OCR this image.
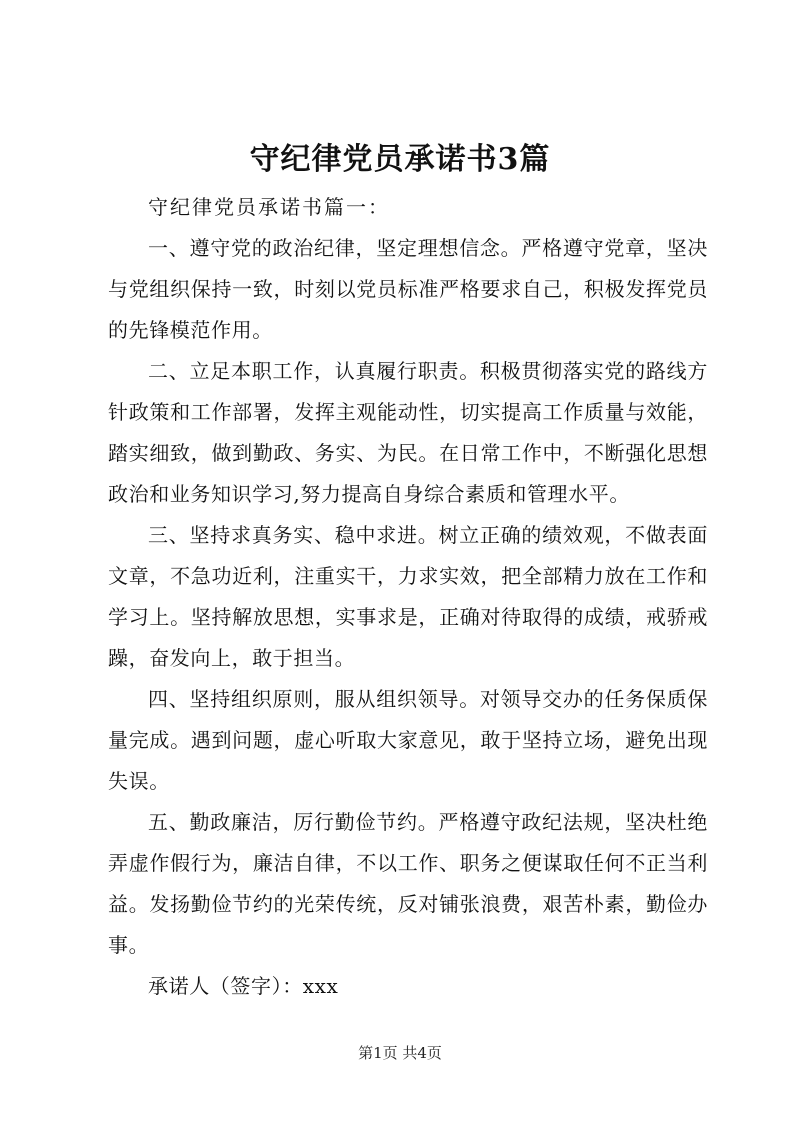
守纪律党员承诺书3篇

守纪律党员承诺书篇一：

一、遵守党的政治纪律，坚定理想信念。严格遵守党章，坚决与党组织保持一致，时刻以党员标准严格要求自己，积极发挥党员的先锋模范作用。

二、立足本职工作，认真履行职责。积极贯彻落实党的路线方针政策和工作部署，发挥主观能动性，切实提高工作质量与效能，踏实细致，做到勤政、务实、为民。在日常工作中，不断强化思想政治和业务知识学习,努力提高自身综合素质和管理水平。

三、坚持求真务实、稳中求进。树立正确的绩效观，不做表面文章，不急功近利，注重实干，力求实效，把全部精力放在工作和学习上。坚持解放思想，实事求是，正确对待取得的成绩，戒骄戒躁，奋发向上，敢于担当。

四、坚持组织原则，服从组织领导。对领导交办的任务保质保量完成。遇到问题，虚心听取大家意见，敢于坚持立场，避免出现失误。

五、勤政廉洁，厉行勤俭节约。严格遵守政纪法规，坚决杜绝弄虚作假行为，廉洁自律，不以工作、职务之便谋取任何不正当利益。发扬勤俭节约的光荣传统，反对铺张浪费，艰苦朴素，勤俭办事。

承诺人（签字）：xxx

第1页 共4页
